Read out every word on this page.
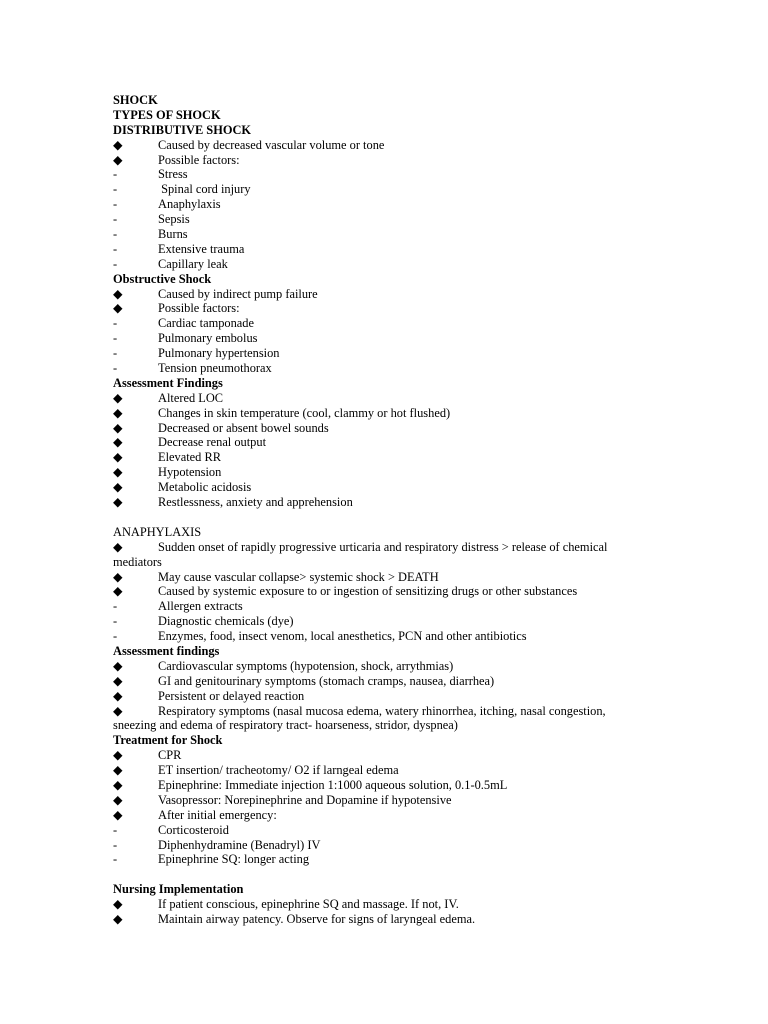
SHOCK
TYPES OF SHOCK
DISTRIBUTIVE SHOCK
◆	Caused by decreased vascular volume or tone
◆	Possible factors:
-	Stress
-	Spinal cord injury
-	Anaphylaxis
-	Sepsis
-	Burns
-	Extensive trauma
-	Capillary leak
Obstructive Shock
◆	Caused by indirect pump failure
◆	Possible factors:
-	Cardiac tamponade
-	Pulmonary embolus
-	Pulmonary hypertension
-	Tension pneumothorax
Assessment Findings
◆	Altered LOC
◆	Changes in skin temperature (cool, clammy or hot flushed)
◆	Decreased or absent bowel sounds
◆	Decrease renal output
◆	Elevated RR
◆	Hypotension
◆	Metabolic acidosis
◆	Restlessness, anxiety and apprehension
ANAPHYLAXIS
◆	Sudden onset of rapidly progressive urticaria and respiratory distress > release of chemical mediators
◆	May cause vascular collapse> systemic shock > DEATH
◆	Caused by systemic exposure to or ingestion of sensitizing drugs or other substances
-	Allergen extracts
-	Diagnostic chemicals (dye)
-	Enzymes, food, insect venom, local anesthetics, PCN and other antibiotics
Assessment findings
◆	Cardiovascular symptoms (hypotension, shock, arrythmias)
◆	GI and genitourinary symptoms (stomach cramps, nausea, diarrhea)
◆	Persistent or delayed reaction
◆	Respiratory symptoms (nasal mucosa edema, watery rhinorrhea, itching, nasal congestion, sneezing and edema of respiratory tract- hoarseness, stridor, dyspnea)
Treatment for Shock
◆	CPR
◆	ET insertion/ tracheotomy/ O2 if larngeal edema
◆	Epinephrine: Immediate injection 1:1000 aqueous solution, 0.1-0.5mL
◆	Vasopressor: Norepinephrine and Dopamine if hypotensive
◆	After initial emergency:
-	Corticosteroid
-	Diphenhydramine (Benadryl) IV
-	Epinephrine SQ: longer acting
Nursing Implementation
◆	If patient conscious, epinephrine SQ and massage. If not, IV.
◆	Maintain airway patency. Observe for signs of laryngeal edema.
